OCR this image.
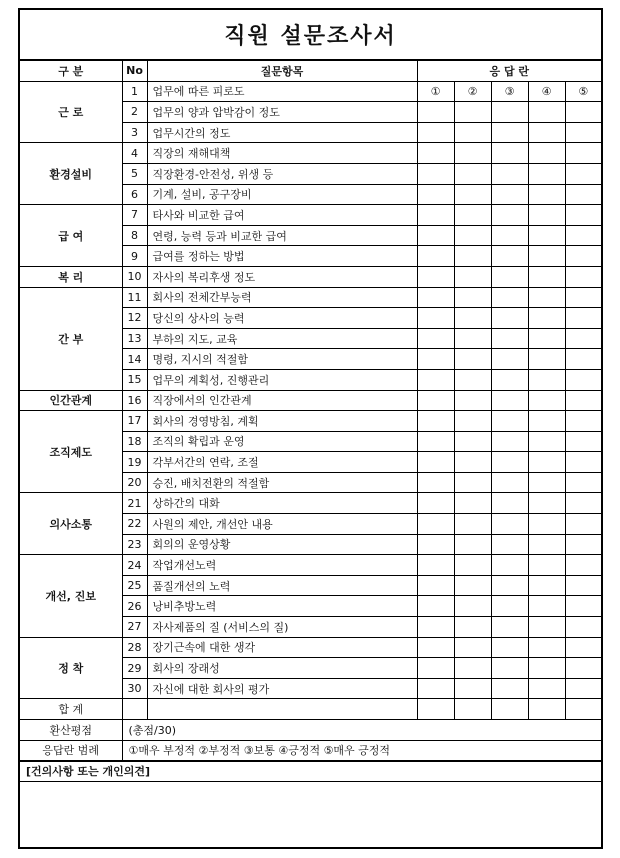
직원 설문조사서
구 분	No	질문항목	응 답 란				
근 로	1	업무에 따른 피로도	①	②	③	④	⑤
	2	업무의 양과 압박감이 정도					
	3	업무시간의 정도					
환경설비	4	직장의 재해대책					
	5	직장환경-안전성, 위생 등					
	6	기계, 설비, 공구장비					
급 여	7	타사와 비교한 급여					
	8	연령, 능력 등과 비교한 급여					
	9	급여를 정하는 방법					
복 리	10	자사의 복리후생 정도					
간 부	11	회사의 전체간부능력					
	12	당신의 상사의 능력					
	13	부하의 지도, 교육					
	14	명령, 지시의 적절함					
	15	업무의 계획성, 진행관리					
인간관계	16	직장에서의 인간관계					
조직제도	17	회사의 경영방침, 계획					
	18	조직의 확립과 운영					
	19	각부서간의 연락, 조절					
	20	승진, 배치전환의 적절함					
의사소통	21	상하간의 대화					
	22	사원의 제안, 개선안 내용					
	23	회의의 운영상황					
개선, 진보	24	작업개선노력					
	25	품질개선의 노력					
	26	낭비추방노력					
	27	자사제품의 질 (서비스의 질)					
정 착	28	장기근속에 대한 생각					
	29	회사의 장래성					
	30	자신에 대한 회사의 평가					
합 계							
환산평점	(총점/30)						
응답란 범례	①매우 부정적 ②부정적 ③보통 ④긍정적 ⑤매우 긍정적						
[건의사항 또는 개인의견]
